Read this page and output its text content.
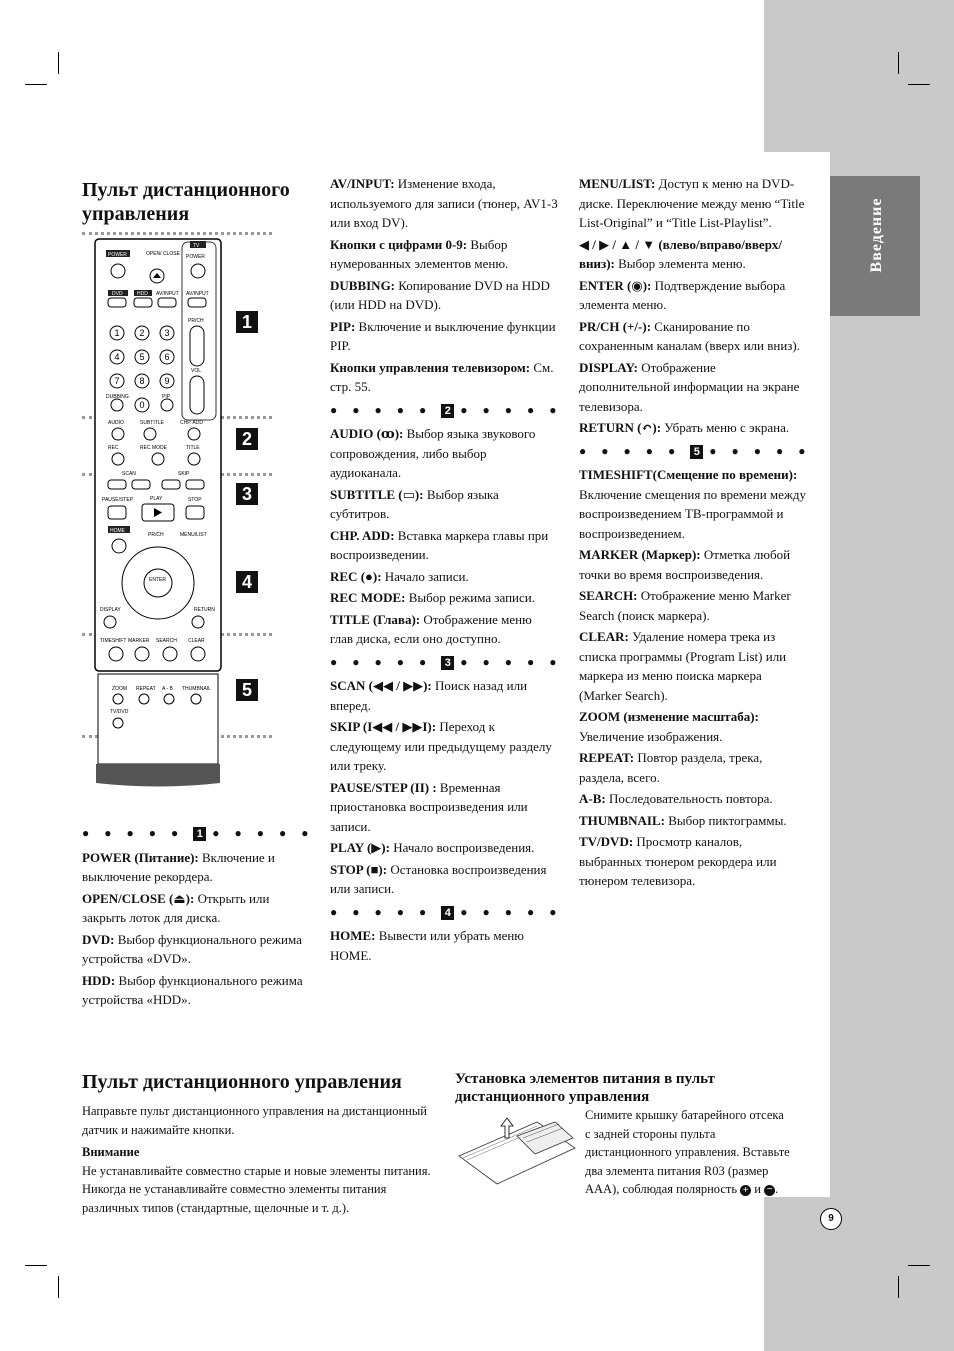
Введение
Пульт дистанционного управления
1
2
3
4
5
POWER	OPEN/ CLOSE
TV
POWER
DVD	HDD AV/INPUT AV/INPUT
PR/CH
VOL
1 2 3
4 5 6
7 8 9
0
DUBBING	PIP
AUDIO	SUBTITLE	CHP. ADD
REC	REC MODE	TITLE
SCAN	SKIP
PAUSE/STEP	PLAY	STOP
HOME
PR/CH	MENU/LIST
ENTER
DISPLAY	RETURN
TIMESHIFT MARKER SEARCH CLEAR
ZOOM REPEAT A - B THUMBNAIL
TV/DVD

● ● ● ● ● 1 ● ● ● ● ●

POWER (Питание): Включение и выключение рекордера.

OPEN/CLOSE (⏏): Открыть или закрыть лоток для диска.

DVD: Выбор функционального режима устройства «DVD».

HDD: Выбор функционального режима устройства «HDD».

AV/INPUT: Изменение входа, используемого для записи (тюнер, AV1-3 или вход DV).

Кнопки с цифрами 0-9: Выбор нумерованных элементов меню.

DUBBING: Копирование DVD на HDD (или HDD на DVD).

PIP: Включение и выключение функции PIP.

Кнопки управления телевизором: См. стр. 55.

● ● ● ● ● 2 ● ● ● ● ●

AUDIO (ꝏ): Выбор языка звукового сопровождения, либо выбор аудиоканала.

SUBTITLE (▭): Выбор языка субтитров.

CHP. ADD: Вставка маркера главы при воспроизведении.

REC (●): Начало записи.

REC MODE: Выбор режима записи.

TITLE (Глава): Отображение меню глав диска, если оно доступно.

● ● ● ● ● 3 ● ● ● ● ●

SCAN (◀◀ / ▶▶): Поиск назад или вперед.

SKIP (I◀◀ / ▶▶I): Переход к следующему или предыдущему разделу или треку.

PAUSE/STEP (II) : Временная приостановка воспроизведения или записи.

PLAY (▶): Начало воспроизведения.

STOP (■): Остановка воспроизведения или записи.

● ● ● ● ● 4 ● ● ● ● ●

HOME: Вывести или убрать меню HOME.

MENU/LIST: Доступ к меню на DVD-диске. Переключение между меню “Title List-Original” и “Title List-Playlist”.

◀ / ▶ / ▲ / ▼ (влево/вправо/вверх/вниз): Выбор элемента меню.

ENTER (◉): Подтверждение выбора элемента меню.

PR/CH (+/-): Сканирование по сохраненным каналам (вверх или вниз).

DISPLAY: Отображение дополнительной информации на экране телевизора.

RETURN (↶): Убрать меню с экрана.

● ● ● ● ● 5 ● ● ● ● ●

TIMESHIFT(Смещение по времени): Включение смещения по времени между воспроизведением ТВ-программой и воспроизведением.

MARKER (Маркер): Отметка любой точки во время воспроизведения.

SEARCH: Отображение меню Marker Search (поиск маркера).

CLEAR: Удаление номера трека из списка программы (Program List) или маркера из меню поиска маркера (Marker Search).

ZOOM (изменение масштаба): Увеличение изображения.

REPEAT: Повтор раздела, трека, раздела, всего.

A-B: Последовательность повтора.

THUMBNAIL: Выбор пиктограммы.

TV/DVD: Просмотр каналов, выбранных тюнером рекордера или тюнером телевизора.

Пульт дистанционного управления

Направьте пульт дистанционного управления на дистанционный датчик и нажимайте кнопки.

Внимание

Не устанавливайте совместно старые и новые элементы питания. Никогда не устанавливайте совместно элементы питания различных типов (стандартные, щелочные и т. д.).

Установка элементов питания в пульт дистанционного управления

Снимите крышку батарейного отсека с задней стороны пульта дистанционного управления. Вставьте два элемента питания R03 (размер AAA), соблюдая полярность + и − .

9
